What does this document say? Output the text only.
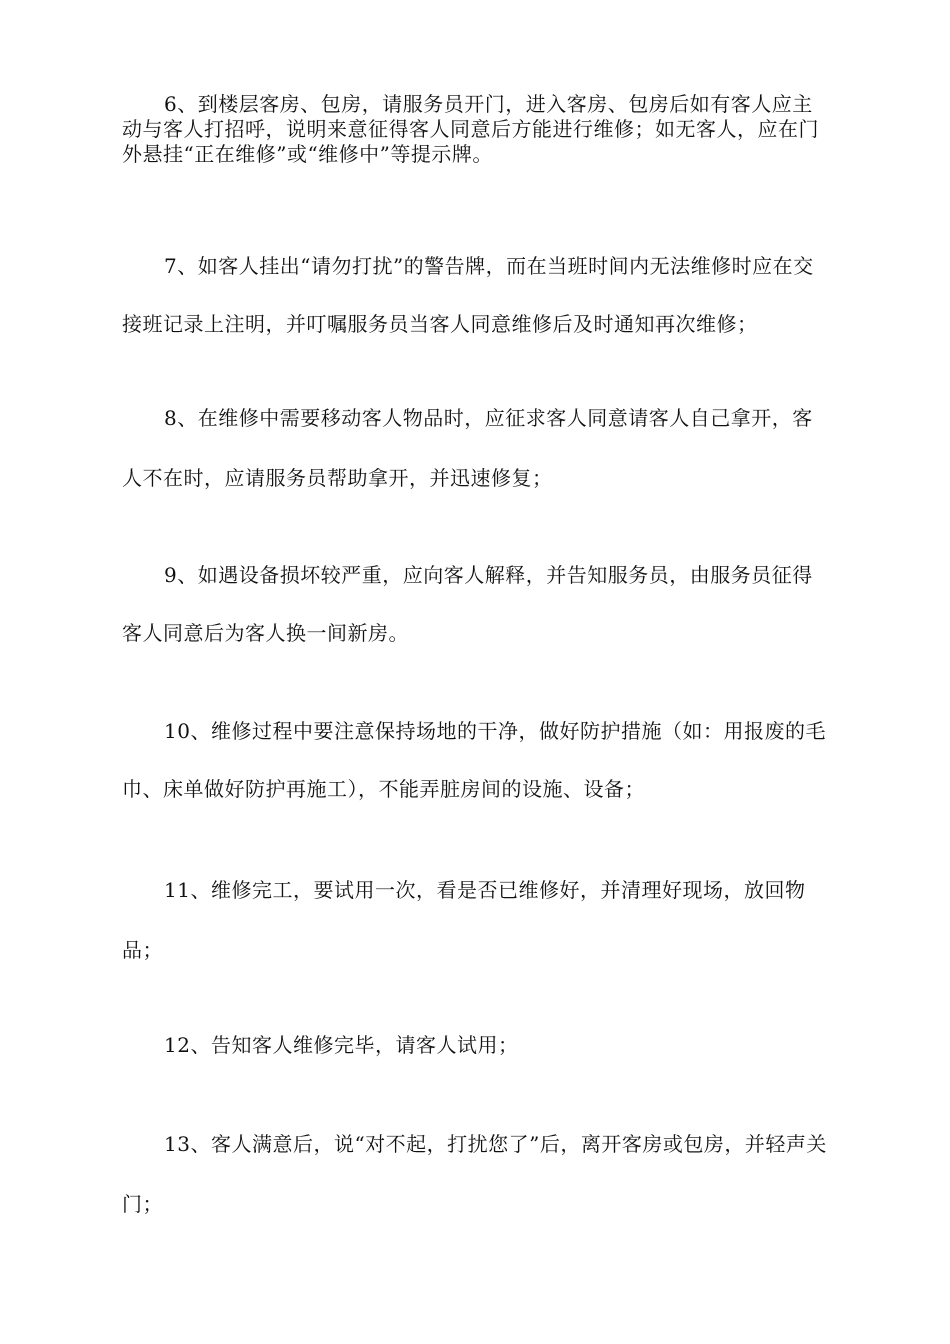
6、到楼层客房、包房，请服务员开门，进入客房、包房后如有客人应主动与客人打招呼，说明来意征得客人同意后方能进行维修；如无客人，应在门外悬挂“正在维修”或“维修中”等提示牌。

7、如客人挂出“请勿打扰”的警告牌，而在当班时间内无法维修时应在交接班记录上注明，并叮嘱服务员当客人同意维修后及时通知再次维修；

8、在维修中需要移动客人物品时，应征求客人同意请客人自己拿开，客人不在时，应请服务员帮助拿开，并迅速修复；

9、如遇设备损坏较严重，应向客人解释，并告知服务员，由服务员征得客人同意后为客人换一间新房。

10、维修过程中要注意保持场地的干净，做好防护措施（如：用报废的毛巾、床单做好防护再施工），不能弄脏房间的设施、设备；

11、维修完工，要试用一次，看是否已维修好，并清理好现场，放回物品；

12、告知客人维修完毕，请客人试用；

13、客人满意后，说“对不起，打扰您了”后，离开客房或包房，并轻声关门；
